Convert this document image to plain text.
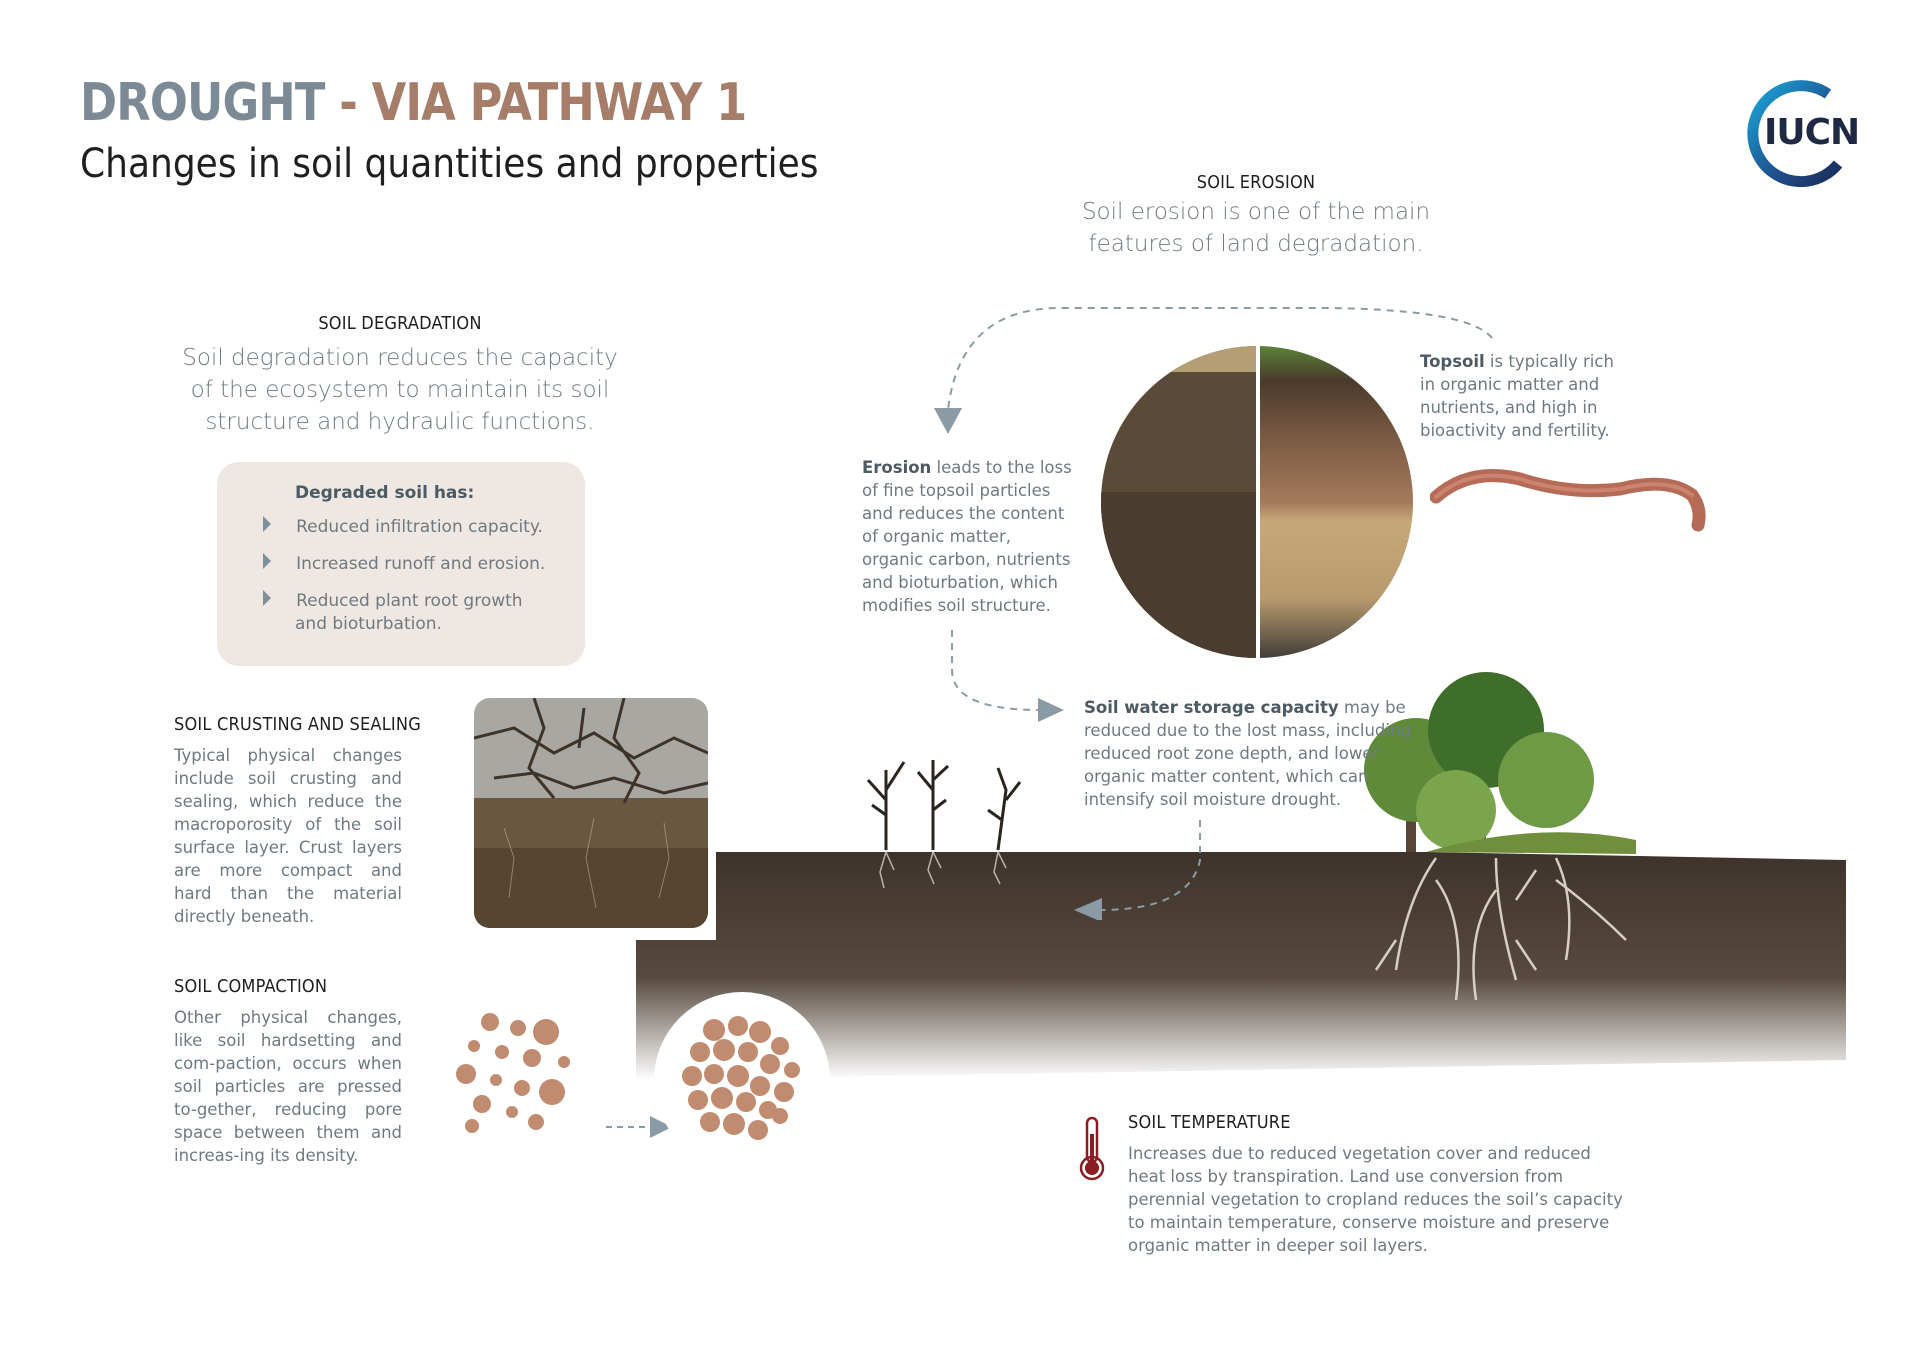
DROUGHT - VIA PATHWAY 1
Changes in soil quantities and properties
IUCN
SOIL EROSION
Soil erosion is one of the main
features of land degradation.
SOIL DEGRADATION
Soil degradation reduces the capacity
of the ecosystem to maintain its soil
structure and hydraulic functions.
Degraded soil has:
Reduced infiltration capacity.
Increased runoff and erosion.
Reduced plant root growth
and bioturbation.
SOIL CRUSTING AND SEALING
Typical physical changes include soil crusting and sealing, which reduce the macroporosity of the soil surface layer. Crust layers are more compact and hard than the material directly beneath.
SOIL COMPACTION
Other physical changes, like soil hardsetting and com-paction, occurs when soil particles are pressed to-gether, reducing pore space between them and increas-ing its density.
Erosion leads to the loss of fine topsoil particles and reduces the content of organic matter, organic carbon, nutrients and bioturbation, which modifies soil structure.
Topsoil is typically rich in organic matter and nutrients, and high in bioactivity and fertility.
Soil water storage capacity may be reduced due to the lost mass, including reduced root zone depth, and lower organic matter content, which can intensify soil moisture drought.
SOIL TEMPERATURE
Increases due to reduced vegetation cover and reduced heat loss by transpiration. Land use conversion from perennial vegetation to cropland reduces the soil’s capacity to maintain temperature, conserve moisture and preserve organic matter in deeper soil layers.
